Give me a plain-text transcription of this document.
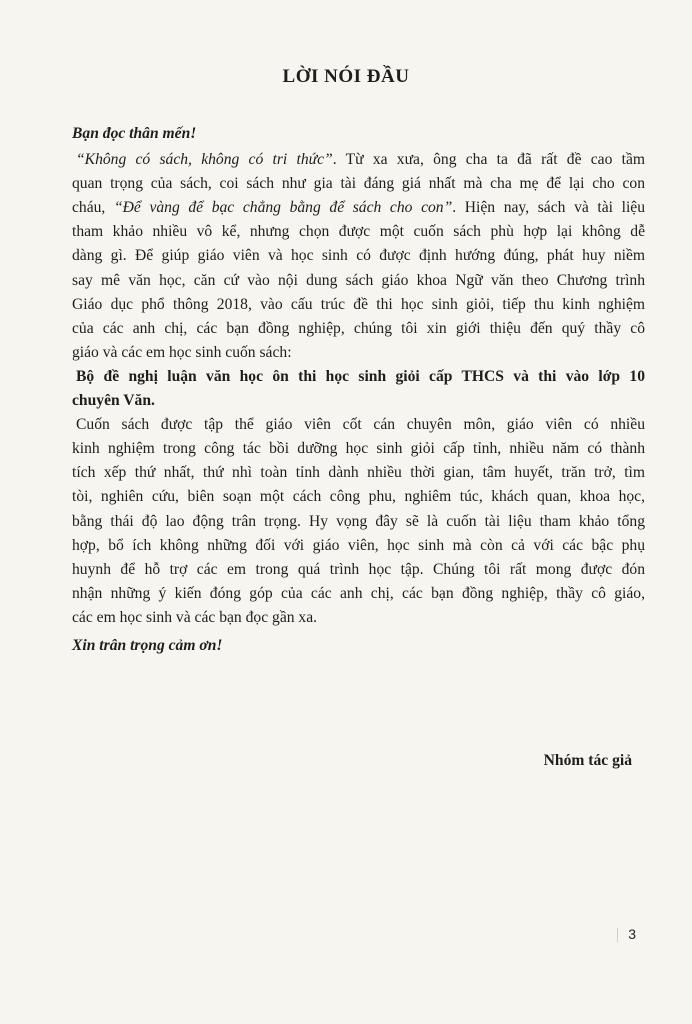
LỜI NÓI ĐẦU
Bạn đọc thân mến!
“Không có sách, không có tri thức”. Từ xa xưa, ông cha ta đã rất đề cao tầm
quan trọng của sách, coi sách như gia tài đáng giá nhất mà cha mẹ để lại cho con
cháu, “Để vàng để bạc chẳng bằng để sách cho con”. Hiện nay, sách và tài liệu
tham khảo nhiều vô kể, nhưng chọn được một cuốn sách phù hợp lại không dễ
dàng gì. Để giúp giáo viên và học sinh có được định hướng đúng, phát huy niềm
say mê văn học, căn cứ vào nội dung sách giáo khoa Ngữ văn theo Chương trình
Giáo dục phổ thông 2018, vào cấu trúc đề thi học sinh giỏi, tiếp thu kinh nghiệm
của các anh chị, các bạn đồng nghiệp, chúng tôi xin giới thiệu đến quý thầy cô
giáo và các em học sinh cuốn sách:
Bộ đề nghị luận văn học ôn thi học sinh giỏi cấp THCS và thi vào lớp 10
chuyên Văn.
Cuốn sách được tập thể giáo viên cốt cán chuyên môn, giáo viên có nhiều
kinh nghiệm trong công tác bồi dưỡng học sinh giỏi cấp tỉnh, nhiều năm có thành
tích xếp thứ nhất, thứ nhì toàn tỉnh dành nhiều thời gian, tâm huyết, trăn trở, tìm
tòi, nghiên cứu, biên soạn một cách công phu, nghiêm túc, khách quan, khoa học,
bằng thái độ lao động trân trọng. Hy vọng đây sẽ là cuốn tài liệu tham khảo tổng
hợp, bổ ích không những đối với giáo viên, học sinh mà còn cả với các bậc phụ
huynh để hỗ trợ các em trong quá trình học tập. Chúng tôi rất mong được đón
nhận những ý kiến đóng góp của các anh chị, các bạn đồng nghiệp, thầy cô giáo,
các em học sinh và các bạn đọc gần xa.
Xin trân trọng cảm ơn!
Nhóm tác giả
3
